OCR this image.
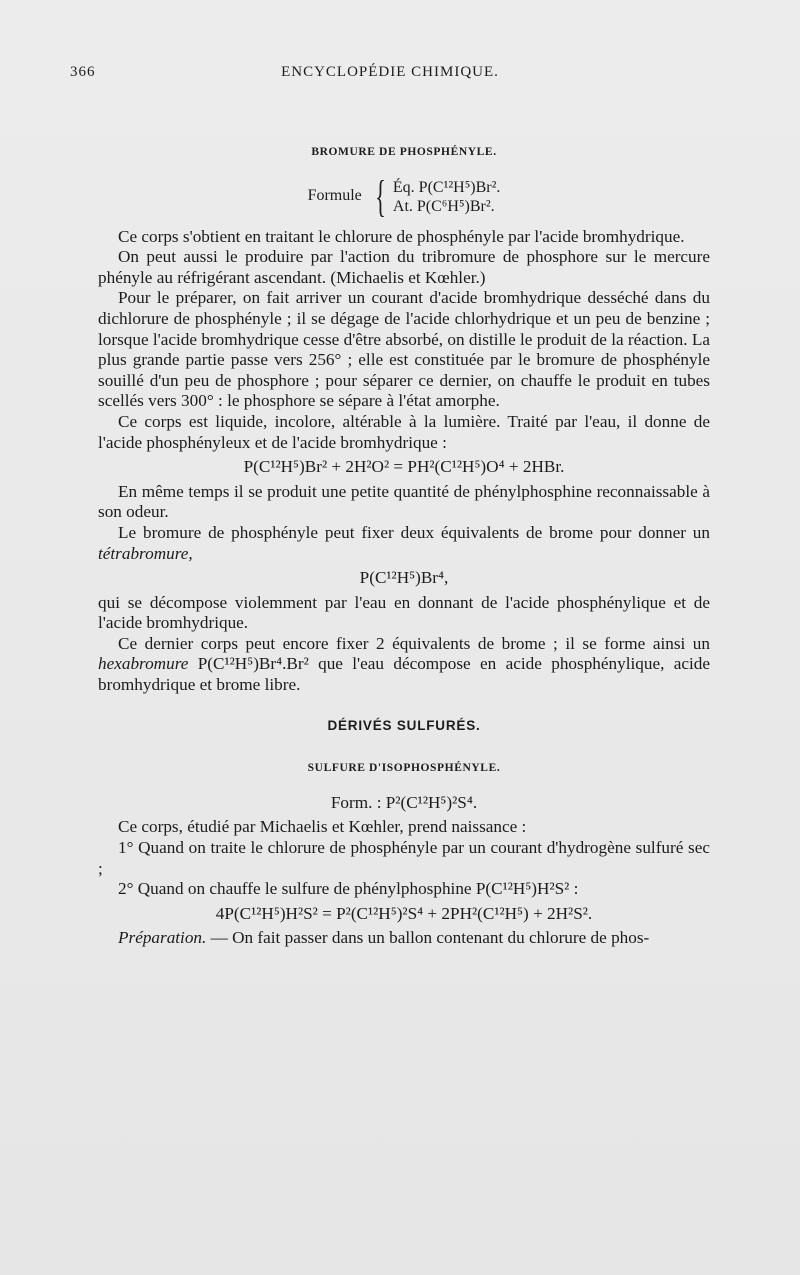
366	ENCYCLOPÉDIE CHIMIQUE.
BROMURE DE PHOSPHÉNYLE.
Formule { Éq. P(C¹²H⁵)Br².
At. P(C⁶H⁵)Br².

Ce corps s'obtient en traitant le chlorure de phosphényle par l'acide bromhydrique.

On peut aussi le produire par l'action du tribromure de phosphore sur le mercure phényle au réfrigérant ascendant. (Michaelis et Kœhler.)

Pour le préparer, on fait arriver un courant d'acide bromhydrique desséché dans du dichlorure de phosphényle ; il se dégage de l'acide chlorhydrique et un peu de benzine ; lorsque l'acide bromhydrique cesse d'être absorbé, on distille le produit de la réaction. La plus grande partie passe vers 256° ; elle est constituée par le bromure de phosphényle souillé d'un peu de phosphore ; pour séparer ce dernier, on chauffe le produit en tubes scellés vers 300° : le phosphore se sépare à l'état amorphe.

Ce corps est liquide, incolore, altérable à la lumière. Traité par l'eau, il donne de l'acide phosphényleux et de l'acide bromhydrique :

P(C¹²H⁵)Br² + 2H²O² = PH²(C¹²H⁵)O⁴ + 2HBr.

En même temps il se produit une petite quantité de phénylphosphine reconnaissable à son odeur.

Le bromure de phosphényle peut fixer deux équivalents de brome pour donner un tétrabromure,

P(C¹²H⁵)Br⁴,

qui se décompose violemment par l'eau en donnant de l'acide phosphénylique et de l'acide bromhydrique.

Ce dernier corps peut encore fixer 2 équivalents de brome ; il se forme ainsi un hexabromure P(C¹²H⁵)Br⁴.Br² que l'eau décompose en acide phosphénylique, acide bromhydrique et brome libre.

DÉRIVÉS SULFURÉS.
SULFURE D'ISOPHOSPHÉNYLE.
Form. : P²(C¹²H⁵)²S⁴.

Ce corps, étudié par Michaelis et Kœhler, prend naissance :

1° Quand on traite le chlorure de phosphényle par un courant d'hydrogène sulfuré sec ;

2° Quand on chauffe le sulfure de phénylphosphine P(C¹²H⁵)H²S² :

4P(C¹²H⁵)H²S² = P²(C¹²H⁵)²S⁴ + 2PH²(C¹²H⁵) + 2H²S².

Préparation. — On fait passer dans un ballon contenant du chlorure de phos-
